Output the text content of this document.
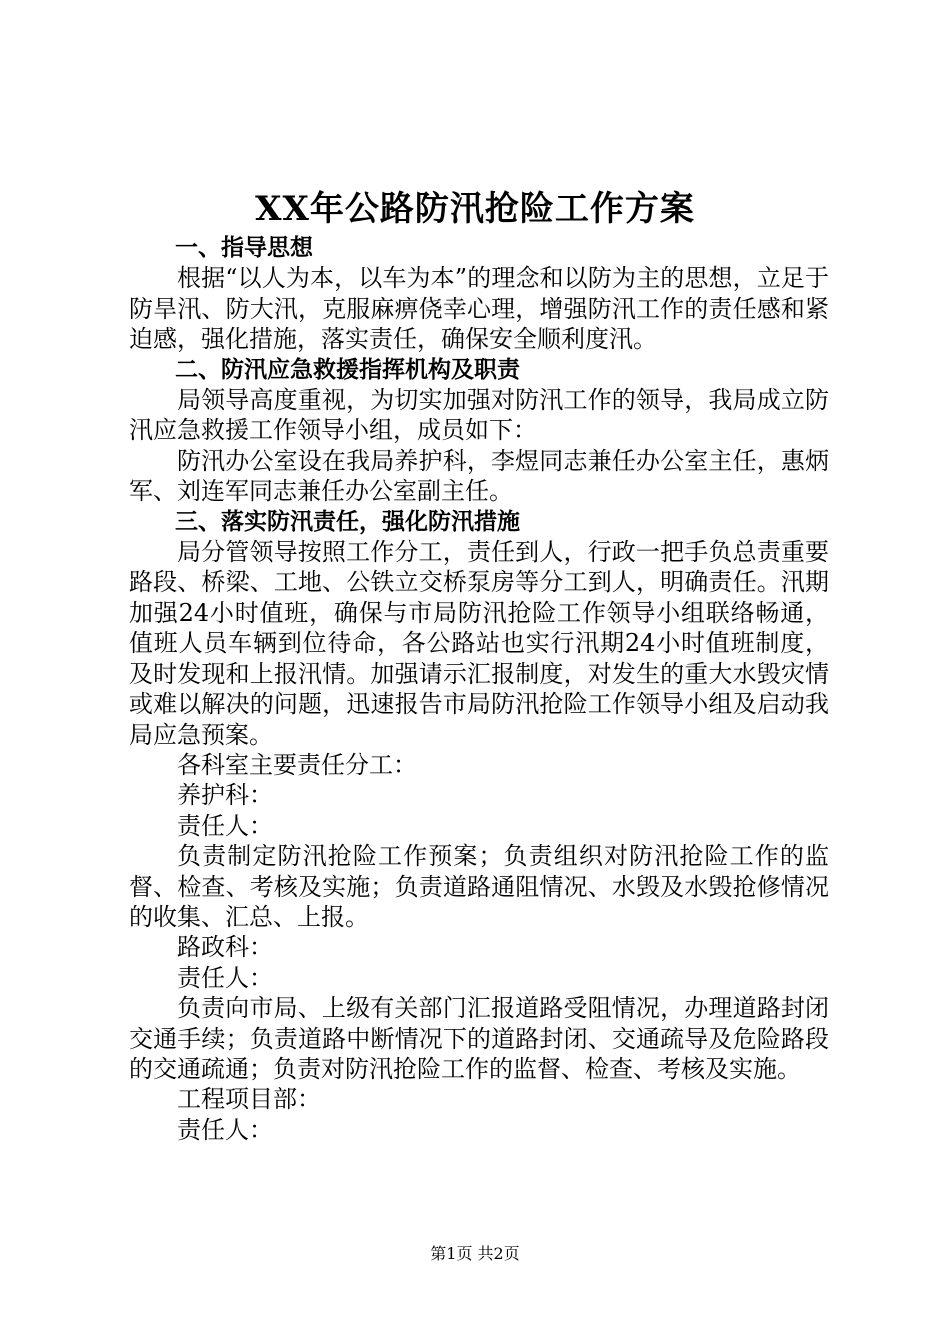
XX年公路防汛抢险工作方案

一、指导思想

根据“以人为本，以车为本”的理念和以防为主的思想，立足于防旱汛、防大汛，克服麻痹侥幸心理，增强防汛工作的责任感和紧迫感，强化措施，落实责任，确保安全顺利度汛。

二、防汛应急救援指挥机构及职责

局领导高度重视，为切实加强对防汛工作的领导，我局成立防汛应急救援工作领导小组，成员如下：

防汛办公室设在我局养护科，李煜同志兼任办公室主任，惠炳军、刘连军同志兼任办公室副主任。

三、落实防汛责任，强化防汛措施

局分管领导按照工作分工，责任到人，行政一把手负总责重要路段、桥梁、工地、公铁立交桥泵房等分工到人，明确责任。汛期加强24小时值班，确保与市局防汛抢险工作领导小组联络畅通，值班人员车辆到位待命，各公路站也实行汛期24小时值班制度，及时发现和上报汛情。加强请示汇报制度，对发生的重大水毁灾情或难以解决的问题，迅速报告市局防汛抢险工作领导小组及启动我局应急预案。

各科室主要责任分工：

养护科：

责任人：

负责制定防汛抢险工作预案；负责组织对防汛抢险工作的监督、检查、考核及实施；负责道路通阻情况、水毁及水毁抢修情况的收集、汇总、上报。

路政科：

责任人：

负责向市局、上级有关部门汇报道路受阻情况，办理道路封闭交通手续；负责道路中断情况下的道路封闭、交通疏导及危险路段的交通疏通；负责对防汛抢险工作的监督、检查、考核及实施。

工程项目部：

责任人：

第1页 共2页
